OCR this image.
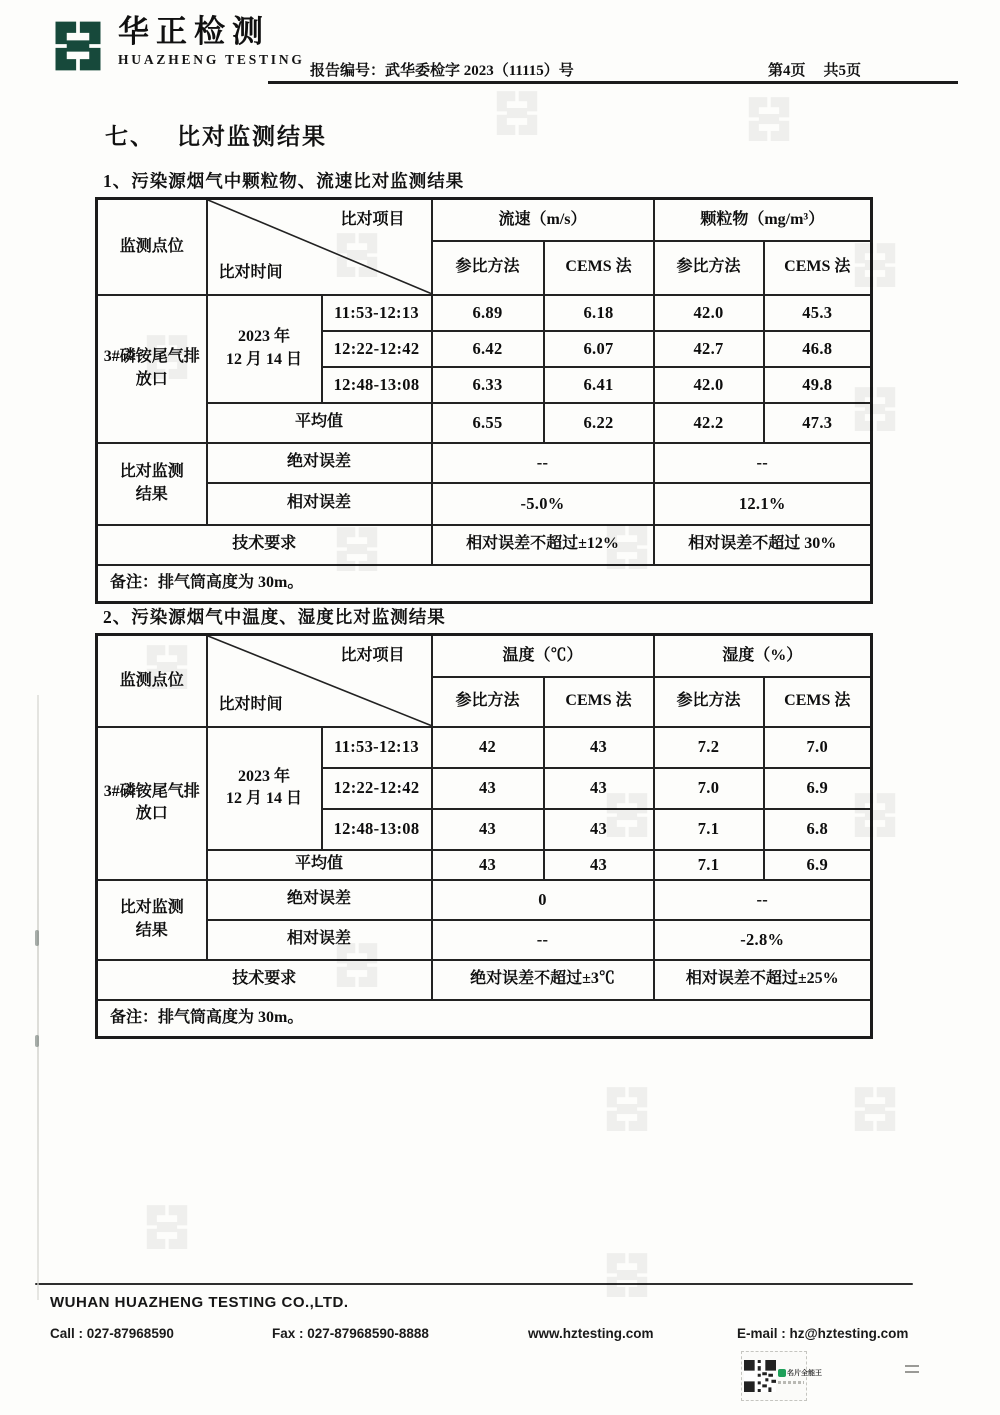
华正检测
HUAZHENG TESTING
报告编号：武华委检字 2023（11115）号	第4页 共5页
七、 比对监测结果
1、污染源烟气中颗粒物、流速比对监测结果
监测点位	比对项目
比对时间		流速（m/s）		颗粒物（mg/m³）	
			参比方法	CEMS 法	参比方法	CEMS 法
3#磷铵尾气排放口	2023 年
12 月 14 日	11:53-12:13	6.89	6.18	42.0	45.3
		12:22-12:42	6.42	6.07	42.7	46.8
		12:48-13:08	6.33	6.41	42.0	49.8
	平均值		6.55	6.22	42.2	47.3
比对监测结果	绝对误差		--		--	
	相对误差		-5.0%		12.1%	
技术要求			相对误差不超过±12%		相对误差不超过 30%	
备注：排气筒高度为 30m。						
2、污染源烟气中温度、湿度比对监测结果
监测点位	比对项目
比对时间		温度（℃）		湿度（%）	
			参比方法	CEMS 法	参比方法	CEMS 法
3#磷铵尾气排放口	2023 年
12 月 14 日	11:53-12:13	42	43	7.2	7.0
		12:22-12:42	43	43	7.0	6.9
		12:48-13:08	43	43	7.1	6.8
	平均值		43	43	7.1	6.9
比对监测结果	绝对误差		0		--	
	相对误差		--		-2.8%	
技术要求			绝对误差不超过±3℃		相对误差不超过±25%	
备注：排气筒高度为 30m。						
WUHAN HUAZHENG TESTING CO.,LTD.
Call : 027-87968590	Fax : 027-87968590-8888	www.hztesting.com	E-mail : hz@hztesting.com
名片全能王
